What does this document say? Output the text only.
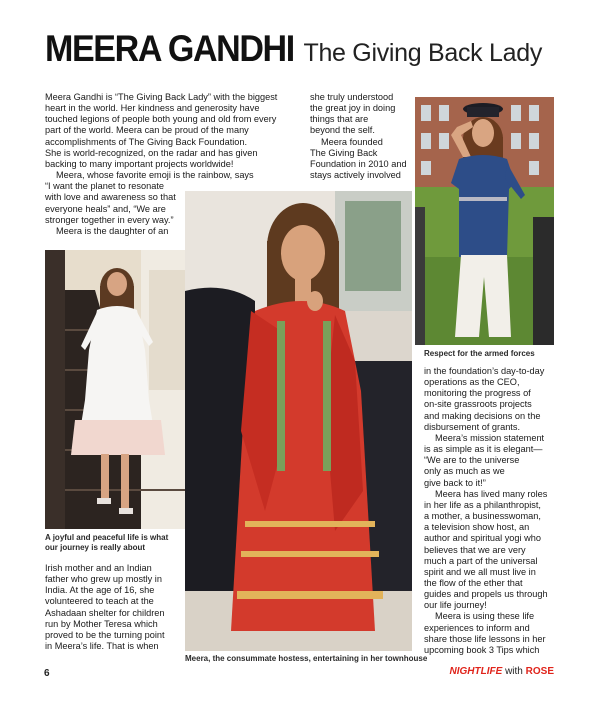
MEERA GANDHI The Giving Back Lady

Meera Gandhi is “The Giving Back Lady” with the biggest

heart in the world. Her kindness and generosity have

touched legions of people both young and old from every

part of the world. Meera can be proud of the many

accomplishments of The Giving Back Foundation.

She is world-recognized, on the radar and has given

backing to many important projects worldwide!

Meera, whose favorite emoji is the rainbow, says

“I want the planet to resonate

with love and awareness so that

everyone heals” and, “We are

stronger together in every way.”

Meera is the daughter of an

she truly understood

the great joy in doing

things that are

beyond the self.

Meera founded

The Giving Back

Foundation in 2010 and

stays actively involved

Respect for the armed forces
A joyful and peaceful life is what
our journey is really about
Meera, the consummate hostess, entertaining in her townhouse

Irish mother and an Indian

father who grew up mostly in

India. At the age of 16, she

volunteered to teach at the

Ashadaan shelter for children

run by Mother Teresa which

proved to be the turning point

in Meera’s life. That is when

in the foundation’s day-to-day

operations as the CEO,

monitoring the progress of

on-site grassroots projects

and making decisions on the

disbursement of grants.

Meera’s mission statement

is as simple as it is elegant—

“We are to the universe

only as much as we

give back to it!”

Meera has lived many roles

in her life as a philanthropist,

a mother, a businesswoman,

a television show host, an

author and spiritual yogi who

believes that we are very

much a part of the universal

spirit and we all must live in

the flow of the ether that

guides and propels us through

our life journey!

Meera is using these life

experiences to inform and

share those life lessons in her

upcoming book 3 Tips which

6	NIGHTLIFE with ROSE
